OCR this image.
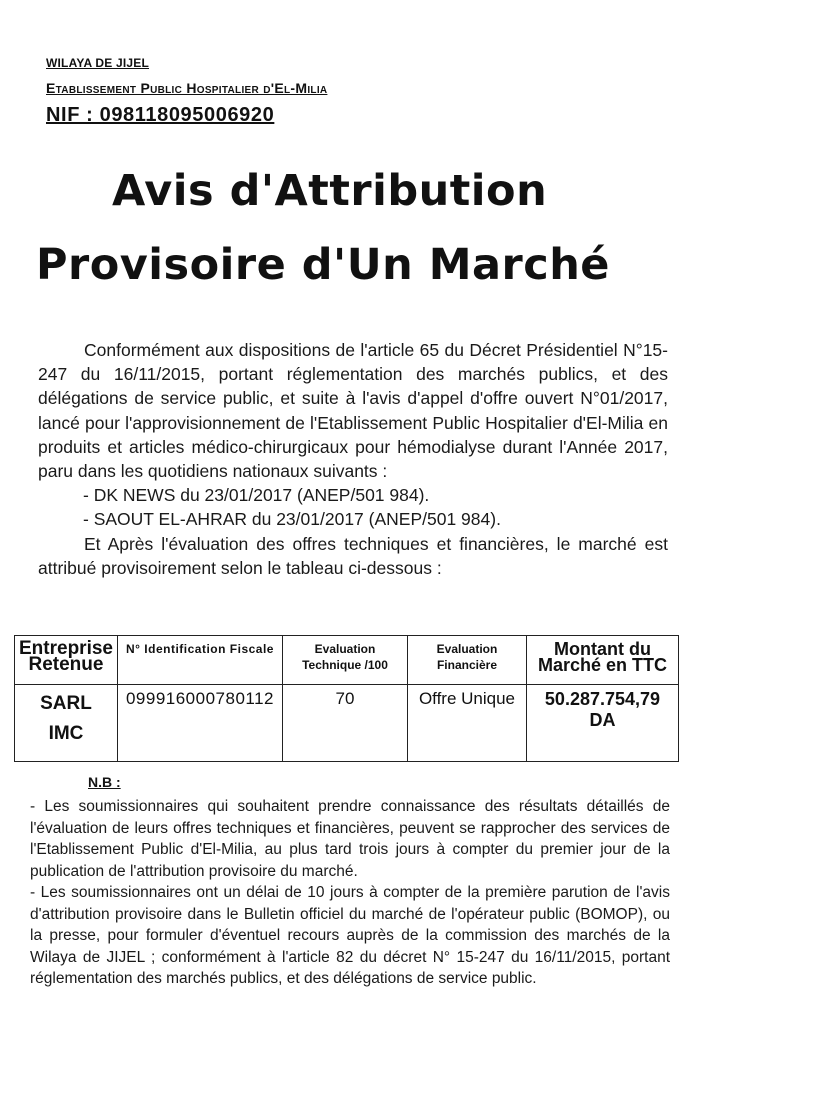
WILAYA DE JIJEL
Etablissement Public Hospitalier d'El-Milia
NIF : 098118095006920
Avis d'Attribution
Provisoire d'Un Marché

Conformément aux dispositions de l'article 65 du Décret Présidentiel N°15-247 du 16/11/2015, portant réglementation des marchés publics, et des délégations de service public, et suite à l'avis d'appel d'offre ouvert N°01/2017, lancé pour l'approvisionnement de l'Etablissement Public Hospitalier d'El-Milia en produits et articles médico-chirurgicaux pour hémodialyse durant l'Année 2017, paru dans les quotidiens nationaux suivants :

- DK NEWS du 23/01/2017 (ANEP/501 984).

- SAOUT EL-AHRAR du 23/01/2017 (ANEP/501 984).

Et Après l'évaluation des offres techniques et financières, le marché est attribué provisoirement selon le tableau ci-dessous :

Entreprise Retenue	N° Identification Fiscale	Evaluation Technique /100	Evaluation Financière	Montant du Marché en TTC

SARL
IMC	099916000780112	70	Offre Unique	50.287.754,79 DA
N.B :

- Les soumissionnaires qui souhaitent prendre connaissance des résultats détaillés de l'évaluation de leurs offres techniques et financières, peuvent se rapprocher des services de l'Etablissement Public d'El-Milia, au plus tard trois jours à compter du premier jour de la publication de l'attribution provisoire du marché.

- Les soumissionnaires ont un délai de 10 jours à compter de la première parution de l'avis d'attribution provisoire dans le Bulletin officiel du marché de l'opérateur public (BOMOP), ou la presse, pour formuler d'éventuel recours auprès de la commission des marchés de la Wilaya de JIJEL ; conformément à l'article 82 du décret N° 15-247 du 16/11/2015, portant réglementation des marchés publics, et des délégations de service public.
